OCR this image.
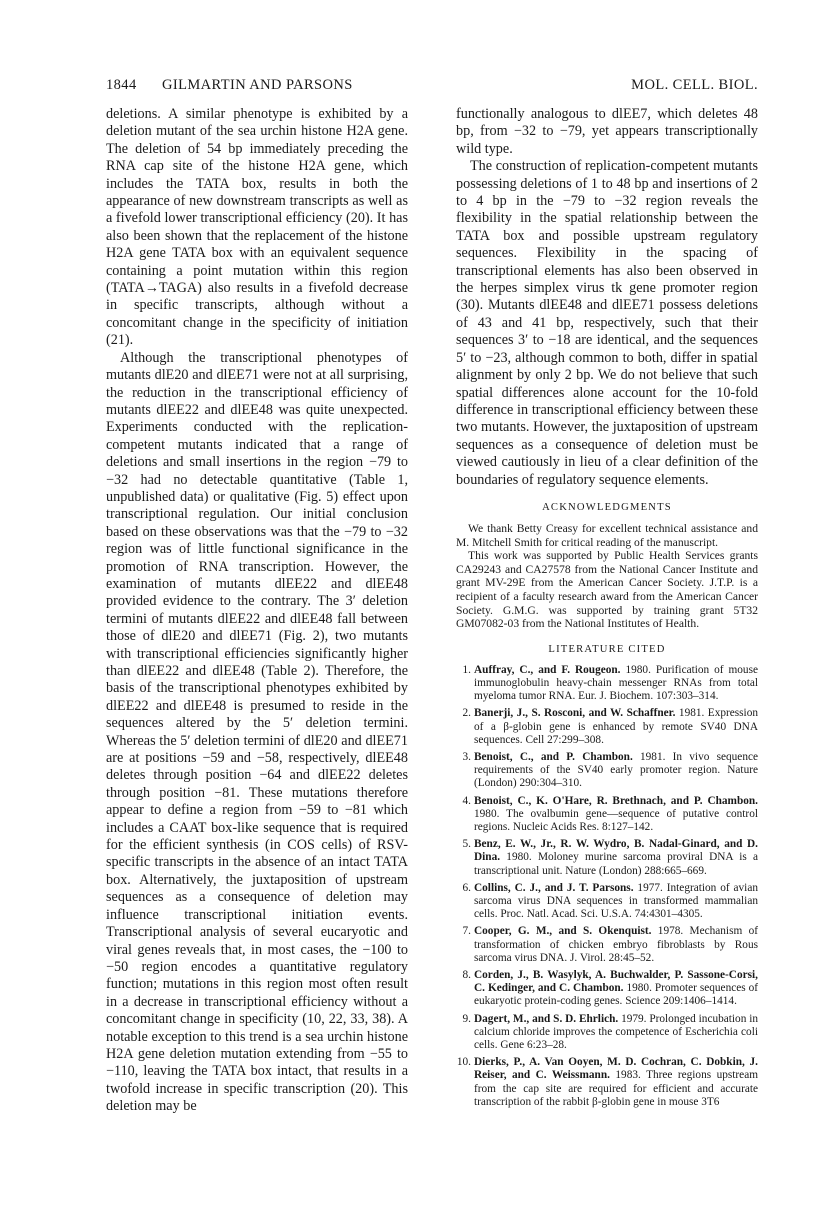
1844 GILMARTIN AND PARSONS	MOL. CELL. BIOL.

deletions. A similar phenotype is exhibited by a deletion mutant of the sea urchin histone H2A gene. The deletion of 54 bp immediately preceding the RNA cap site of the histone H2A gene, which includes the TATA box, results in both the appearance of new downstream transcripts as well as a fivefold lower transcriptional efficiency (20). It has also been shown that the replacement of the histone H2A gene TATA box with an equivalent sequence containing a point mutation within this region (TATA→TAGA) also results in a fivefold decrease in specific transcripts, although without a concomitant change in the specificity of initiation (21).

Although the transcriptional phenotypes of mutants dlE20 and dlEE71 were not at all surprising, the reduction in the transcriptional efficiency of mutants dlEE22 and dlEE48 was quite unexpected. Experiments conducted with the replication-competent mutants indicated that a range of deletions and small insertions in the region −79 to −32 had no detectable quantitative (Table 1, unpublished data) or qualitative (Fig. 5) effect upon transcriptional regulation. Our initial conclusion based on these observations was that the −79 to −32 region was of little functional significance in the promotion of RNA transcription. However, the examination of mutants dlEE22 and dlEE48 provided evidence to the contrary. The 3′ deletion termini of mutants dlEE22 and dlEE48 fall between those of dlE20 and dlEE71 (Fig. 2), two mutants with transcriptional efficiencies significantly higher than dlEE22 and dlEE48 (Table 2). Therefore, the basis of the transcriptional phenotypes exhibited by dlEE22 and dlEE48 is presumed to reside in the sequences altered by the 5′ deletion termini. Whereas the 5′ deletion termini of dlE20 and dlEE71 are at positions −59 and −58, respectively, dlEE48 deletes through position −64 and dlEE22 deletes through position −81. These mutations therefore appear to define a region from −59 to −81 which includes a CAAT box-like sequence that is required for the efficient synthesis (in COS cells) of RSV-specific transcripts in the absence of an intact TATA box. Alternatively, the juxtaposition of upstream sequences as a consequence of deletion may influence transcriptional initiation events. Transcriptional analysis of several eucaryotic and viral genes reveals that, in most cases, the −100 to −50 region encodes a quantitative regulatory function; mutations in this region most often result in a decrease in transcriptional efficiency without a concomitant change in specificity (10, 22, 33, 38). A notable exception to this trend is a sea urchin histone H2A gene deletion mutation extending from −55 to −110, leaving the TATA box intact, that results in a twofold increase in specific transcription (20). This deletion may be

functionally analogous to dlEE7, which deletes 48 bp, from −32 to −79, yet appears transcriptionally wild type.

The construction of replication-competent mutants possessing deletions of 1 to 48 bp and insertions of 2 to 4 bp in the −79 to −32 region reveals the flexibility in the spatial relationship between the TATA box and possible upstream regulatory sequences. Flexibility in the spacing of transcriptional elements has also been observed in the herpes simplex virus tk gene promoter region (30). Mutants dlEE48 and dlEE71 possess deletions of 43 and 41 bp, respectively, such that their sequences 3′ to −18 are identical, and the sequences 5′ to −23, although common to both, differ in spatial alignment by only 2 bp. We do not believe that such spatial differences alone account for the 10-fold difference in transcriptional efficiency between these two mutants. However, the juxtaposition of upstream sequences as a consequence of deletion must be viewed cautiously in lieu of a clear definition of the boundaries of regulatory sequence elements.

ACKNOWLEDGMENTS

We thank Betty Creasy for excellent technical assistance and M. Mitchell Smith for critical reading of the manuscript.

This work was supported by Public Health Services grants CA29243 and CA27578 from the National Cancer Institute and grant MV-29E from the American Cancer Society. J.T.P. is a recipient of a faculty research award from the American Cancer Society. G.M.G. was supported by training grant 5T32 GM07082-03 from the National Institutes of Health.

LITERATURE CITED
1. Auffray, C., and F. Rougeon. 1980. Purification of mouse immunoglobulin heavy-chain messenger RNAs from total myeloma tumor RNA. Eur. J. Biochem. 107:303–314.
2. Banerji, J., S. Rosconi, and W. Schaffner. 1981. Expression of a β-globin gene is enhanced by remote SV40 DNA sequences. Cell 27:299–308.
3. Benoist, C., and P. Chambon. 1981. In vivo sequence requirements of the SV40 early promoter region. Nature (London) 290:304–310.
4. Benoist, C., K. O'Hare, R. Brethnach, and P. Chambon. 1980. The ovalbumin gene—sequence of putative control regions. Nucleic Acids Res. 8:127–142.
5. Benz, E. W., Jr., R. W. Wydro, B. Nadal-Ginard, and D. Dina. 1980. Moloney murine sarcoma proviral DNA is a transcriptional unit. Nature (London) 288:665–669.
6. Collins, C. J., and J. T. Parsons. 1977. Integration of avian sarcoma virus DNA sequences in transformed mammalian cells. Proc. Natl. Acad. Sci. U.S.A. 74:4301–4305.
7. Cooper, G. M., and S. Okenquist. 1978. Mechanism of transformation of chicken embryo fibroblasts by Rous sarcoma virus DNA. J. Virol. 28:45–52.
8. Corden, J., B. Wasylyk, A. Buchwalder, P. Sassone-Corsi, C. Kedinger, and C. Chambon. 1980. Promoter sequences of eukaryotic protein-coding genes. Science 209:1406–1414.
9. Dagert, M., and S. D. Ehrlich. 1979. Prolonged incubation in calcium chloride improves the competence of Escherichia coli cells. Gene 6:23–28.
10. Dierks, P., A. Van Ooyen, M. D. Cochran, C. Dobkin, J. Reiser, and C. Weissmann. 1983. Three regions upstream from the cap site are required for efficient and accurate transcription of the rabbit β-globin gene in mouse 3T6
